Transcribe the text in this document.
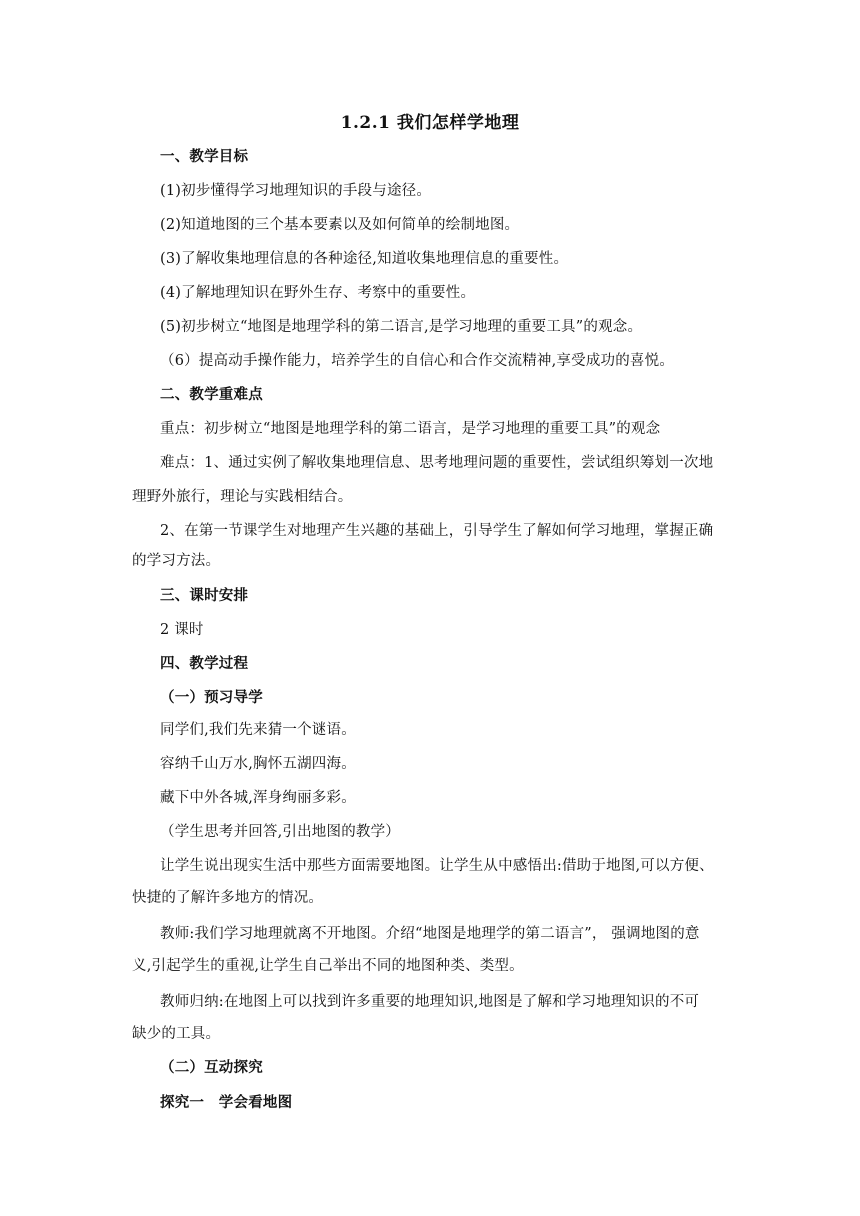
1.2.1 我们怎样学地理
一、教学目标
(1)初步懂得学习地理知识的手段与途径。
(2)知道地图的三个基本要素以及如何简单的绘制地图。
(3)了解收集地理信息的各种途径,知道收集地理信息的重要性。
(4)了解地理知识在野外生存、考察中的重要性。
(5)初步树立“地图是地理学科的第二语言,是学习地理的重要工具”的观念。
（6）提高动手操作能力，培养学生的自信心和合作交流精神,享受成功的喜悦。
二、教学重难点
重点：初步树立“地图是地理学科的第二语言，是学习地理的重要工具”的观念
难点：1、通过实例了解收集地理信息、思考地理问题的重要性，尝试组织筹划一次地
理野外旅行，理论与实践相结合。
2、在第一节课学生对地理产生兴趣的基础上，引导学生了解如何学习地理，掌握正确
的学习方法。
三、课时安排
2 课时
四、教学过程
（一）预习导学
同学们,我们先来猜一个谜语。
容纳千山万水,胸怀五湖四海。
藏下中外各城,浑身绚丽多彩。
（学生思考并回答,引出地图的教学）
让学生说出现实生活中那些方面需要地图。让学生从中感悟出:借助于地图,可以方便、
快捷的了解许多地方的情况。
教师:我们学习地理就离不开地图。介绍“地图是地理学的第二语言”， 强调地图的意
义,引起学生的重视,让学生自己举出不同的地图种类、类型。
教师归纳:在地图上可以找到许多重要的地理知识,地图是了解和学习地理知识的不可
缺少的工具。
（二）互动探究
探究一　学会看地图
